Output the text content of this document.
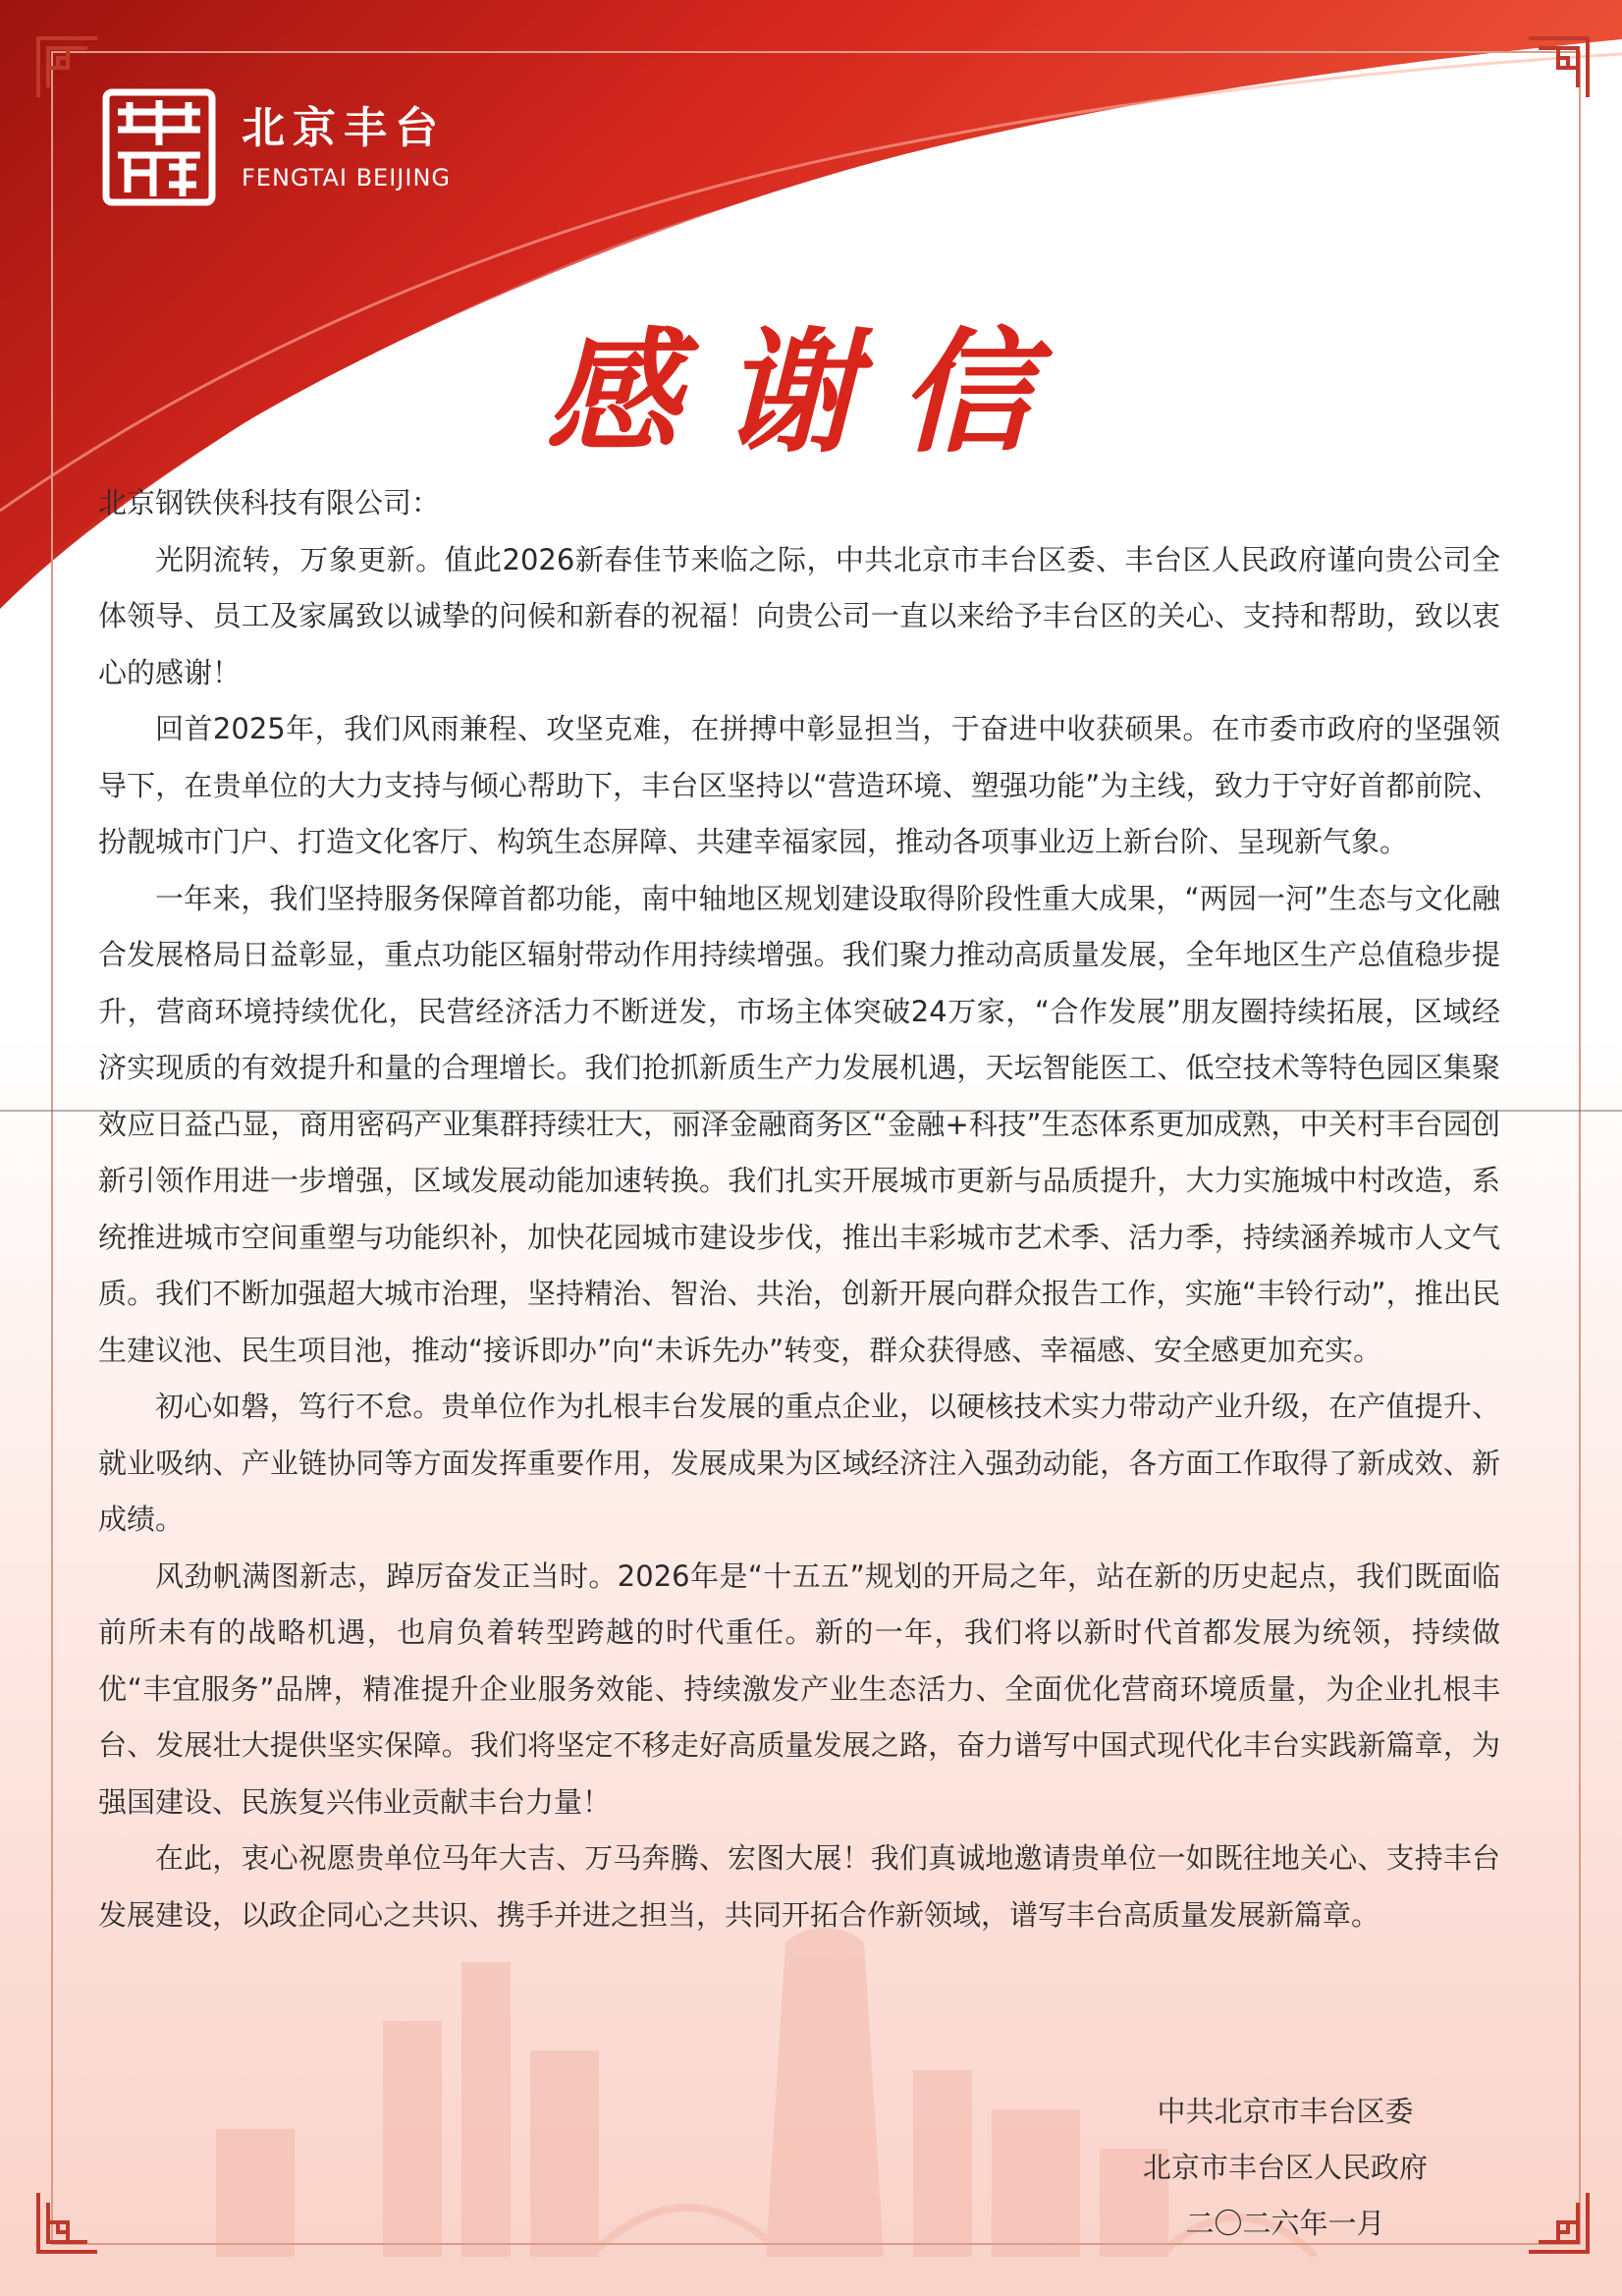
北京丰台
FENGTAI BEIJING
感谢信

北京钢铁侠科技有限公司：

光阴流转，万象更新。值此2026新春佳节来临之际，中共北京市丰台区委、丰台区人民政府谨向贵公司全体领导、员工及家属致以诚挚的问候和新春的祝福！向贵公司一直以来给予丰台区的关心、支持和帮助，致以衷心的感谢！

回首2025年，我们风雨兼程、攻坚克难，在拼搏中彰显担当，于奋进中收获硕果。在市委市政府的坚强领导下，在贵单位的大力支持与倾心帮助下，丰台区坚持以“营造环境、塑强功能”为主线，致力于守好首都前院、扮靓城市门户、打造文化客厅、构筑生态屏障、共建幸福家园，推动各项事业迈上新台阶、呈现新气象。

一年来，我们坚持服务保障首都功能，南中轴地区规划建设取得阶段性重大成果，“两园一河”生态与文化融合发展格局日益彰显，重点功能区辐射带动作用持续增强。我们聚力推动高质量发展，全年地区生产总值稳步提升，营商环境持续优化，民营经济活力不断迸发，市场主体突破24万家，“合作发展”朋友圈持续拓展，区域经济实现质的有效提升和量的合理增长。我们抢抓新质生产力发展机遇，天坛智能医工、低空技术等特色园区集聚效应日益凸显，商用密码产业集群持续壮大，丽泽金融商务区“金融+科技”生态体系更加成熟，中关村丰台园创新引领作用进一步增强，区域发展动能加速转换。我们扎实开展城市更新与品质提升，大力实施城中村改造，系统推进城市空间重塑与功能织补，加快花园城市建设步伐，推出丰彩城市艺术季、活力季，持续涵养城市人文气质。我们不断加强超大城市治理，坚持精治、智治、共治，创新开展向群众报告工作，实施“丰铃行动”，推出民生建议池、民生项目池，推动“接诉即办”向“未诉先办”转变，群众获得感、幸福感、安全感更加充实。

初心如磐，笃行不怠。贵单位作为扎根丰台发展的重点企业，以硬核技术实力带动产业升级，在产值提升、就业吸纳、产业链协同等方面发挥重要作用，发展成果为区域经济注入强劲动能，各方面工作取得了新成效、新成绩。

风劲帆满图新志，踔厉奋发正当时。2026年是“十五五”规划的开局之年，站在新的历史起点，我们既面临前所未有的战略机遇，也肩负着转型跨越的时代重任。新的一年，我们将以新时代首都发展为统领，持续做优“丰宜服务”品牌，精准提升企业服务效能、持续激发产业生态活力、全面优化营商环境质量，为企业扎根丰台、发展壮大提供坚实保障。我们将坚定不移走好高质量发展之路，奋力谱写中国式现代化丰台实践新篇章，为强国建设、民族复兴伟业贡献丰台力量！

在此，衷心祝愿贵单位马年大吉、万马奔腾、宏图大展！我们真诚地邀请贵单位一如既往地关心、支持丰台发展建设，以政企同心之共识、携手并进之担当，共同开拓合作新领域，谱写丰台高质量发展新篇章。

中共北京市丰台区委
北京市丰台区人民政府
二〇二六年一月
